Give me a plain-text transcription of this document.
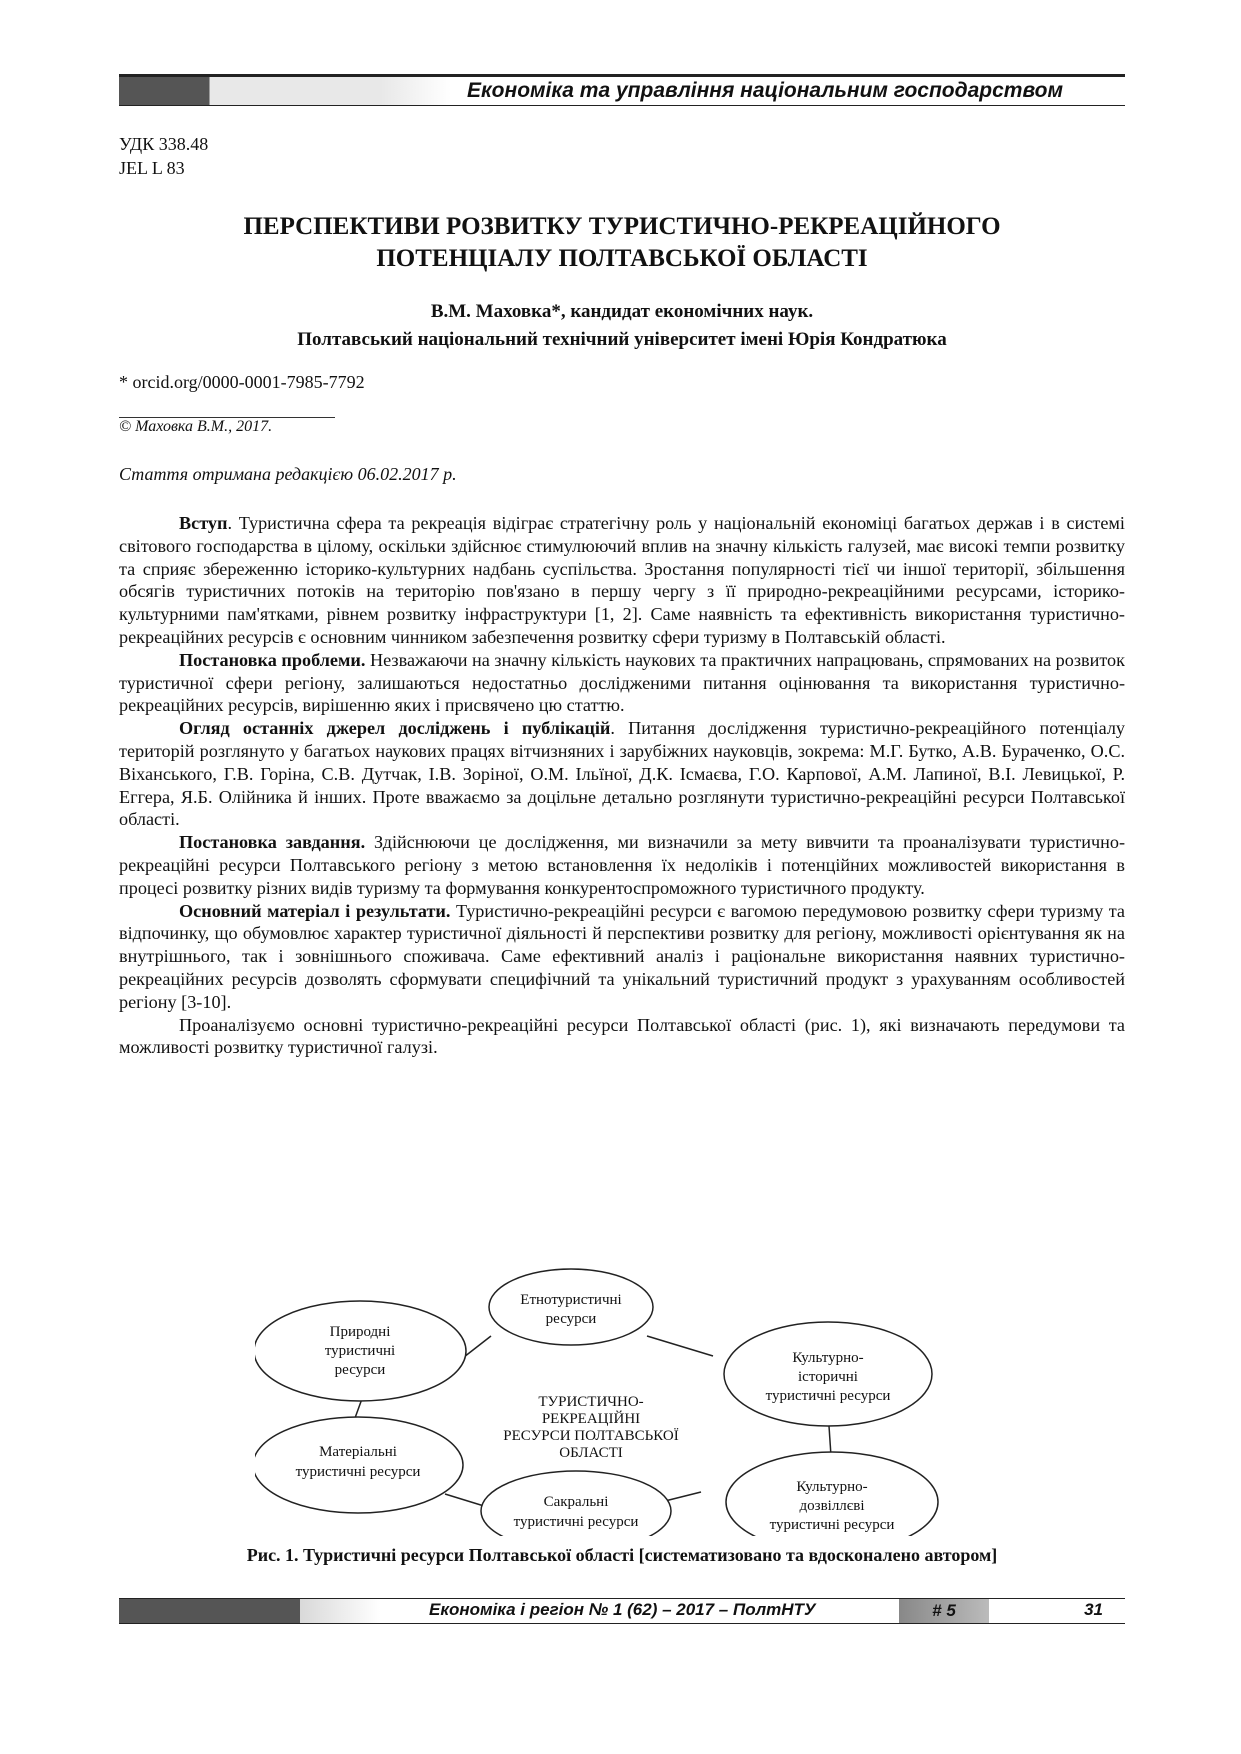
Економіка та управління національним господарством
УДК 338.48
JEL L 83
ПЕРСПЕКТИВИ РОЗВИТКУ ТУРИСТИЧНО-РЕКРЕАЦІЙНОГО
ПОТЕНЦІАЛУ ПОЛТАВСЬКОЇ ОБЛАСТІ
В.М. Маховка*, кандидат економічних наук.
Полтавський національний технічний університет імені Юрія Кондратюка
* orcid.org/0000-0001-7985-7792
© Маховка В.М., 2017.
Стаття отримана редакцією 06.02.2017 р.

Вступ. Туристична сфера та рекреація відіграє стратегічну роль у національній економіці багатьох держав і в системі світового господарства в цілому, оскільки здійснює стимулюючий вплив на значну кількість галузей, має високі темпи розвитку та сприяє збереженню історико-культурних надбань суспільства. Зростання популярності тієї чи іншої території, збільшення обсягів туристичних потоків на територію пов'язано в першу чергу з її природно-рекреаційними ресурсами, історико-культурними пам'ятками, рівнем розвитку інфраструктури [1, 2]. Саме наявність та ефективність використання туристично-рекреаційних ресурсів є основним чинником забезпечення розвитку сфери туризму в Полтавській області.

Постановка проблеми. Незважаючи на значну кількість наукових та практичних напрацювань, спрямованих на розвиток туристичної сфери регіону, залишаються недостатньо дослідженими питання оцінювання та використання туристично-рекреаційних ресурсів, вирішенню яких і присвячено цю статтю.

Огляд останніх джерел досліджень і публікацій. Питання дослідження туристично-рекреаційного потенціалу територій розглянуто у багатьох наукових працях вітчизняних і зарубіжних науковців, зокрема: М.Г. Бутко, А.В. Бураченко, О.С. Віханського, Г.В. Горіна, С.В. Дутчак, І.В. Зоріної, О.М. Ільїної, Д.К. Ісмаєва, Г.О. Карпової, А.М. Лапиної, В.І. Левицької, Р. Еггера, Я.Б. Олійника й інших. Проте вважаємо за доцільне детально розглянути туристично-рекреаційні ресурси Полтавської області.

Постановка завдання. Здійснюючи це дослідження, ми визначили за мету вивчити та проаналізувати туристично-рекреаційні ресурси Полтавського регіону з метою встановлення їх недоліків і потенційних можливостей використання в процесі розвитку різних видів туризму та формування конкурентоспроможного туристичного продукту.

Основний матеріал і результати. Туристично-рекреаційні ресурси є вагомою передумовою розвитку сфери туризму та відпочинку, що обумовлює характер туристичної діяльності й перспективи розвитку для регіону, можливості орієнтування як на внутрішнього, так і зовнішнього споживача. Саме ефективний аналіз і раціональне використання наявних туристично-рекреаційних ресурсів дозволять сформувати специфічний та унікальний туристичний продукт з урахуванням особливостей регіону [3-10].

Проаналізуємо основні туристично-рекреаційні ресурси Полтавської області (рис. 1), які визначають передумови та можливості розвитку туристичної галузі.

Етнотуристичні ресурси
Природні туристичні ресурси
Культурно-історичні туристичні ресурси
Матеріальні туристичні ресурси
Культурно-дозвіллєві туристичні ресурси
Сакральні туристичні ресурси
ТУРИСТИЧНО-РЕКРЕАЦІЙНІ РЕСУРСИ ПОЛТАВСЬКОЇ ОБЛАСТІ
Рис. 1. Туристичні ресурси Полтавської області [систематизовано та вдосконалено автором]
Економіка і регіон № 1 (62) – 2017 – ПолтНТУ	# 5	31
